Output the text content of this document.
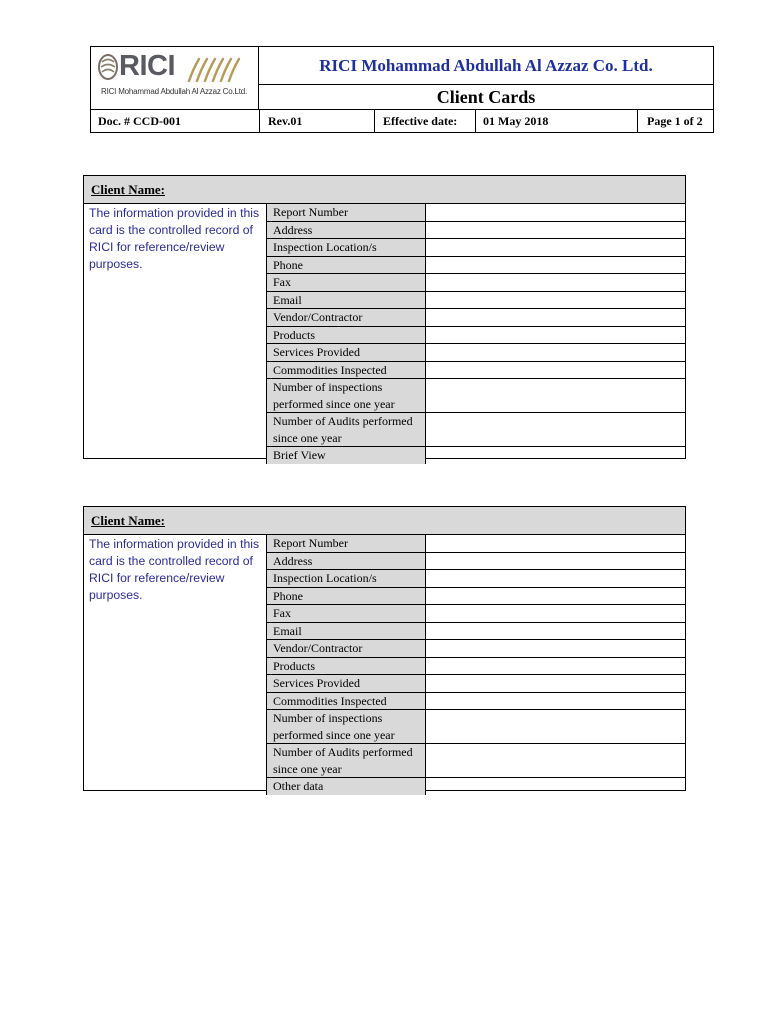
RICI
RICI Mohammad Abdullah Al Azzaz Co.Ltd.
RICI Mohammad Abdullah Al Azzaz Co. Ltd.
Client Cards
Doc. # CCD-001	Rev.01	Effective date:	01 May 2018	Page 1 of 2
Client Name:
The information provided in this card is the controlled record of RICI for reference/review purposes.
Report Number
Address
Inspection Location/s
Phone
Fax
Email
Vendor/Contractor
Products
Services Provided
Commodities Inspected
Number of inspections performed since one year
Number of Audits performed since one year
Brief View
Client Name:
The information provided in this card is the controlled record of RICI for reference/review purposes.
Report Number
Address
Inspection Location/s
Phone
Fax
Email
Vendor/Contractor
Products
Services Provided
Commodities Inspected
Number of inspections performed since one year
Number of Audits performed since one year
Other data
